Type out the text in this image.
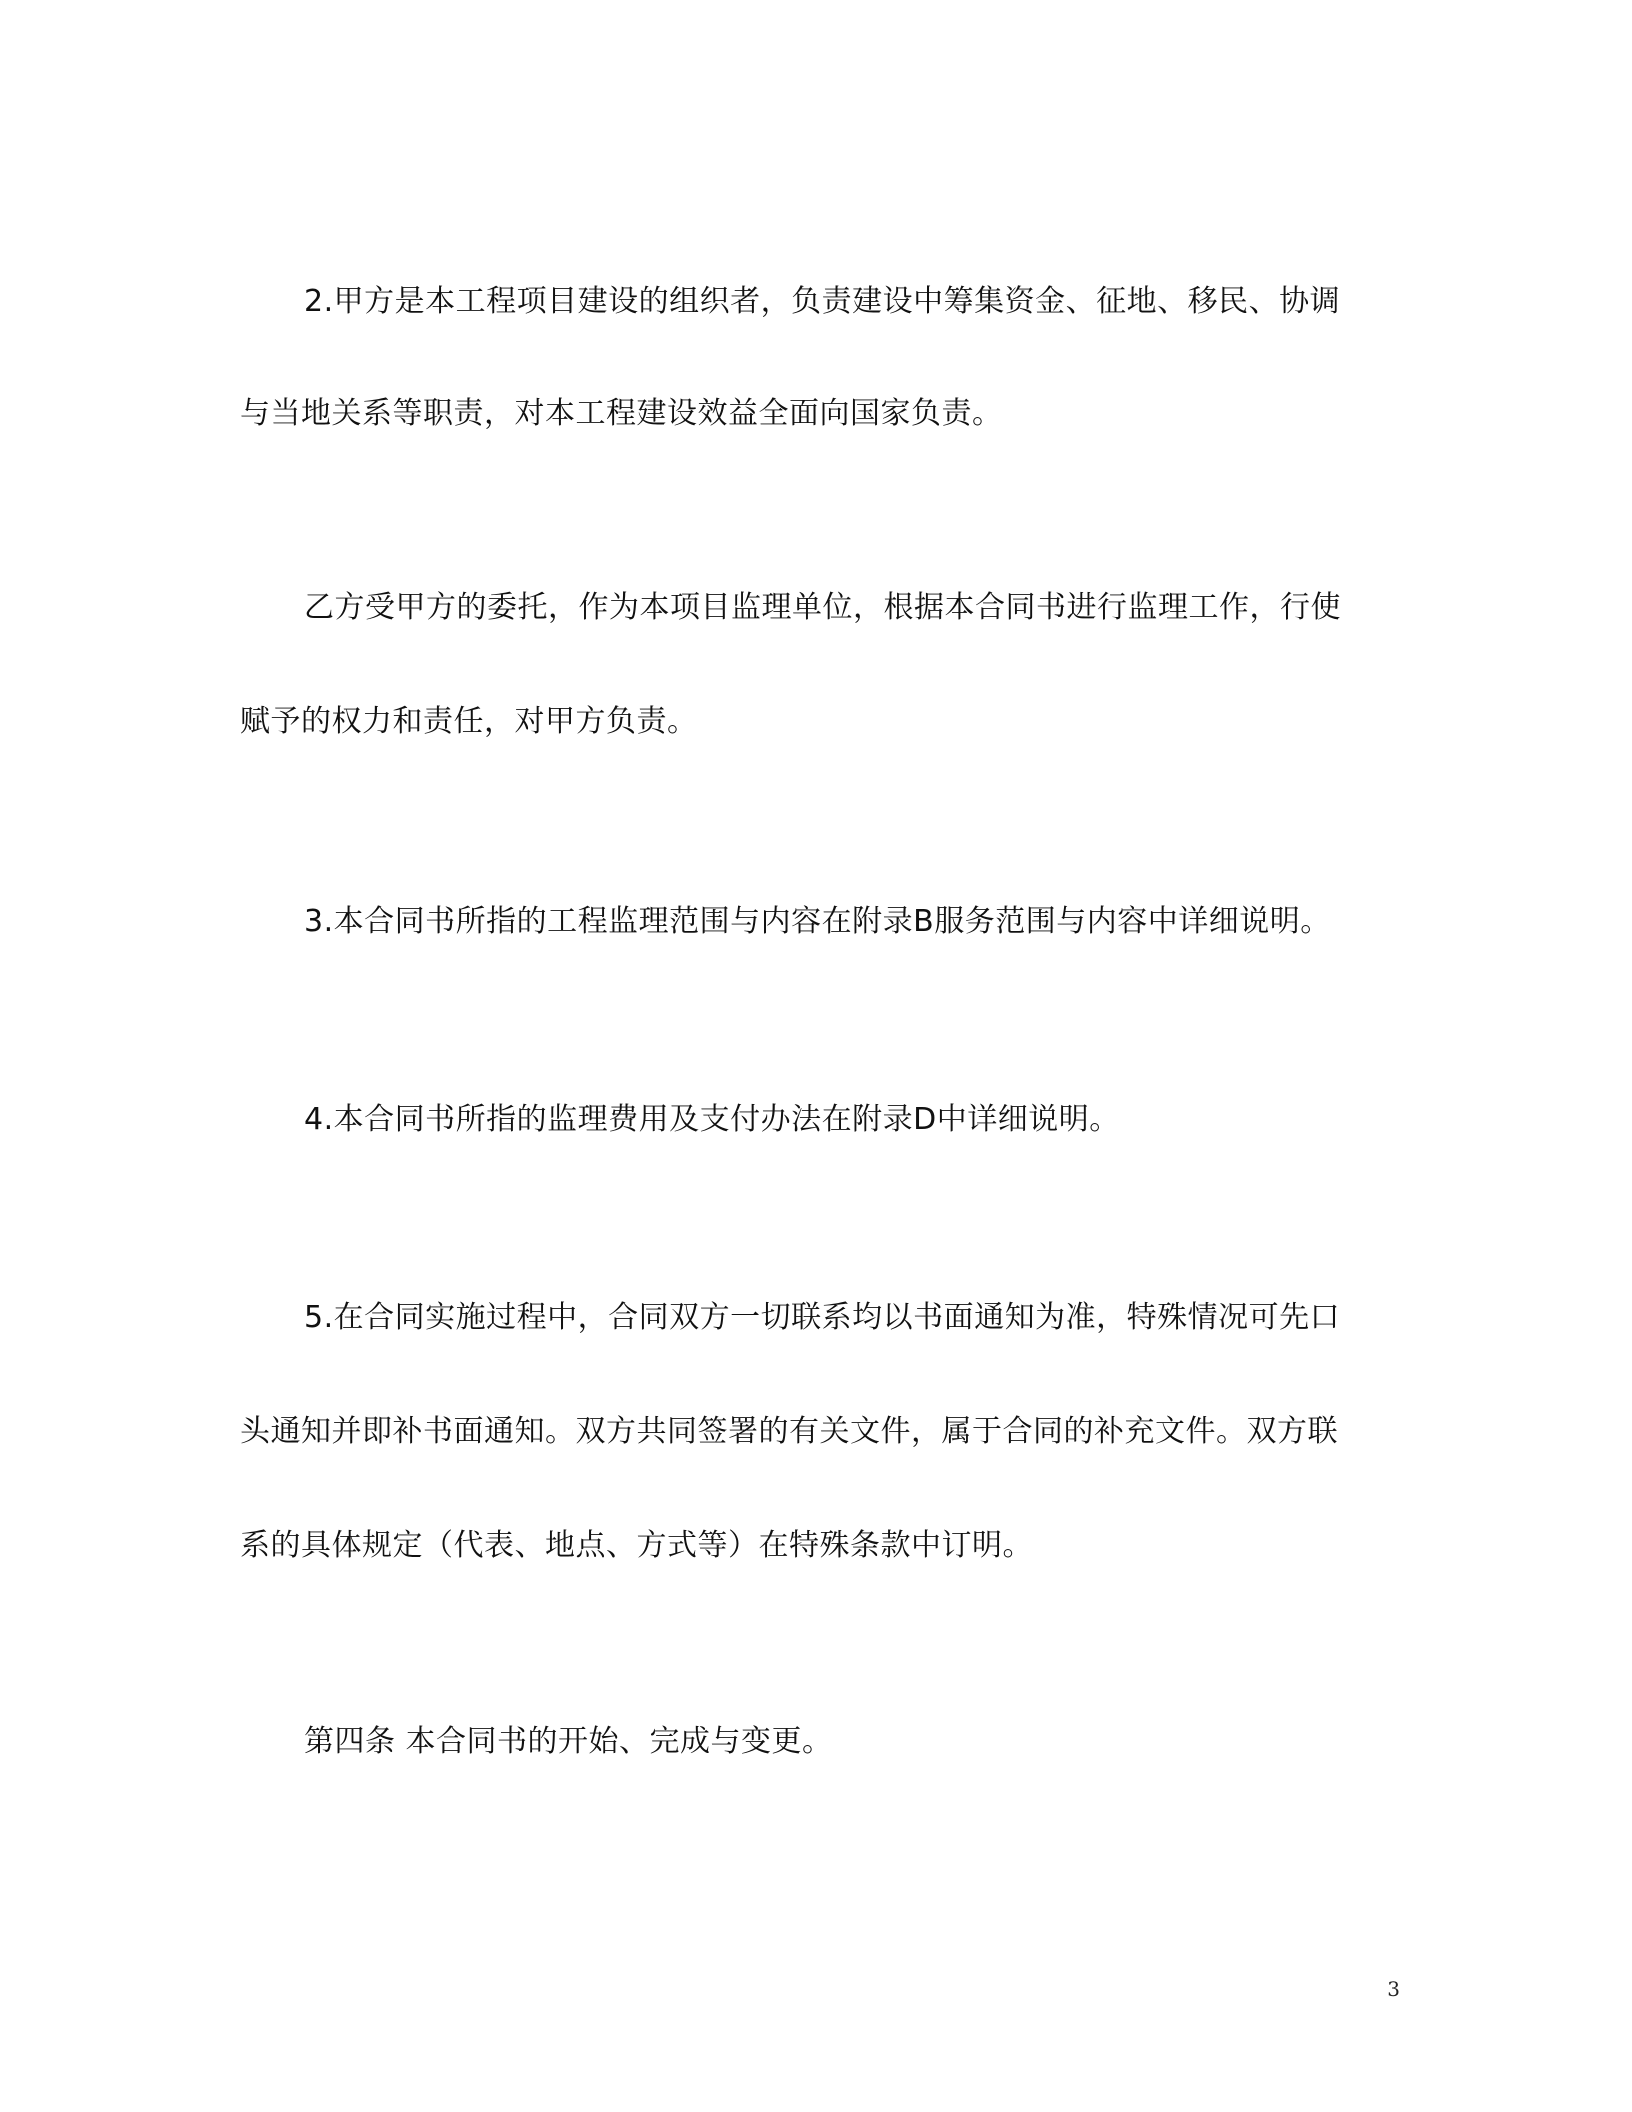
2.甲方是本工程项目建设的组织者，负责建设中筹集资金、征地、移民、协调
与当地关系等职责，对本工程建设效益全面向国家负责。
乙方受甲方的委托，作为本项目监理单位，根据本合同书进行监理工作，行使
赋予的权力和责任，对甲方负责。
3.本合同书所指的工程监理范围与内容在附录B服务范围与内容中详细说明。
4.本合同书所指的监理费用及支付办法在附录D中详细说明。
5.在合同实施过程中，合同双方一切联系均以书面通知为准，特殊情况可先口
头通知并即补书面通知。双方共同签署的有关文件，属于合同的补充文件。双方联
系的具体规定（代表、地点、方式等）在特殊条款中订明。
第四条 本合同书的开始、完成与变更。
3
